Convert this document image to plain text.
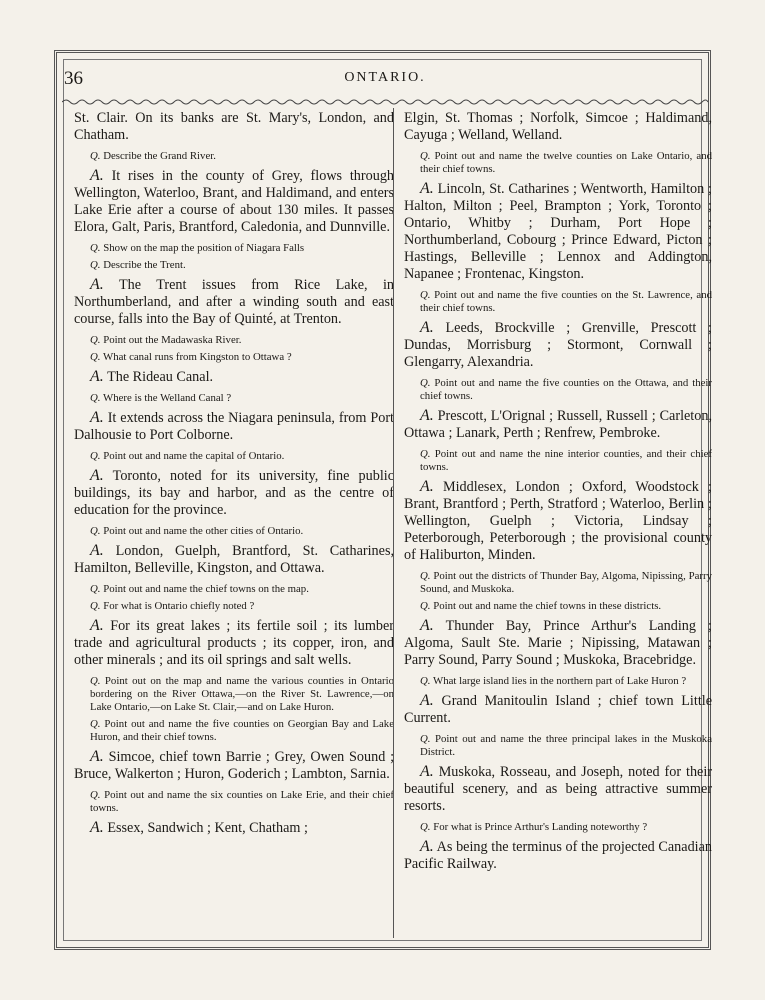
36	ONTARIO.

St. Clair. On its banks are St. Mary's, London, and Chatham.

Q. Describe the Grand River.

A. It rises in the county of Grey, flows through Wellington, Waterloo, Brant, and Haldimand, and enters Lake Erie after a course of about 130 miles. It passes Elora, Galt, Paris, Brantford, Caledonia, and Dunnville.

Q. Show on the map the position of Niagara Falls

Q. Describe the Trent.

A. The Trent issues from Rice Lake, in Northumberland, and after a winding south and east course, falls into the Bay of Quinté, at Trenton.

Q. Point out the Madawaska River.

Q. What canal runs from Kingston to Ottawa ?

A. The Rideau Canal.

Q. Where is the Welland Canal ?

A. It extends across the Niagara peninsula, from Port Dalhousie to Port Colborne.

Q. Point out and name the capital of Ontario.

A. Toronto, noted for its university, fine public buildings, its bay and harbor, and as the centre of education for the province.

Q. Point out and name the other cities of Ontario.

A. London, Guelph, Brantford, St. Catharines, Hamilton, Belleville, Kingston, and Ottawa.

Q. Point out and name the chief towns on the map.

Q. For what is Ontario chiefly noted ?

A. For its great lakes ; its fertile soil ; its lumber trade and agricultural products ; its copper, iron, and other minerals ; and its oil springs and salt wells.

Q. Point out on the map and name the various counties in Ontario bordering on the River Ottawa,—on the River St. Lawrence,—on Lake Ontario,—on Lake St. Clair,—and on Lake Huron.

Q. Point out and name the five counties on Georgian Bay and Lake Huron, and their chief towns.

A. Simcoe, chief town Barrie ; Grey, Owen Sound ; Bruce, Walkerton ; Huron, Goderich ; Lambton, Sarnia.

Q. Point out and name the six counties on Lake Erie, and their chief towns.

A. Essex, Sandwich ; Kent, Chatham ;

Elgin, St. Thomas ; Norfolk, Simcoe ; Haldimand, Cayuga ; Welland, Welland.

Q. Point out and name the twelve counties on Lake Ontario, and their chief towns.

A. Lincoln, St. Catharines ; Wentworth, Hamilton ; Halton, Milton ; Peel, Brampton ; York, Toronto ; Ontario, Whitby ; Durham, Port Hope ; Northumberland, Cobourg ; Prince Edward, Picton ; Hastings, Belleville ; Lennox and Addington, Napanee ; Frontenac, Kingston.

Q. Point out and name the five counties on the St. Lawrence, and their chief towns.

A. Leeds, Brockville ; Grenville, Prescott ; Dundas, Morrisburg ; Stormont, Cornwall ; Glengarry, Alexandria.

Q. Point out and name the five counties on the Ottawa, and their chief towns.

A. Prescott, L'Orignal ; Russell, Russell ; Carleton, Ottawa ; Lanark, Perth ; Renfrew, Pembroke.

Q. Point out and name the nine interior counties, and their chief towns.

A. Middlesex, London ; Oxford, Woodstock ; Brant, Brantford ; Perth, Stratford ; Waterloo, Berlin ; Wellington, Guelph ; Victoria, Lindsay ; Peterborough, Peterborough ; the provisional county of Haliburton, Minden.

Q. Point out the districts of Thunder Bay, Algoma, Nipissing, Parry Sound, and Muskoka.

Q. Point out and name the chief towns in these districts.

A. Thunder Bay, Prince Arthur's Landing ; Algoma, Sault Ste. Marie ; Nipissing, Matawan ; Parry Sound, Parry Sound ; Muskoka, Bracebridge.

Q. What large island lies in the northern part of Lake Huron ?

A. Grand Manitoulin Island ; chief town Little Current.

Q. Point out and name the three principal lakes in the Muskoka District.

A. Muskoka, Rosseau, and Joseph, noted for their beautiful scenery, and as being attractive summer resorts.

Q. For what is Prince Arthur's Landing noteworthy ?

A. As being the terminus of the projected Canadian Pacific Railway.
